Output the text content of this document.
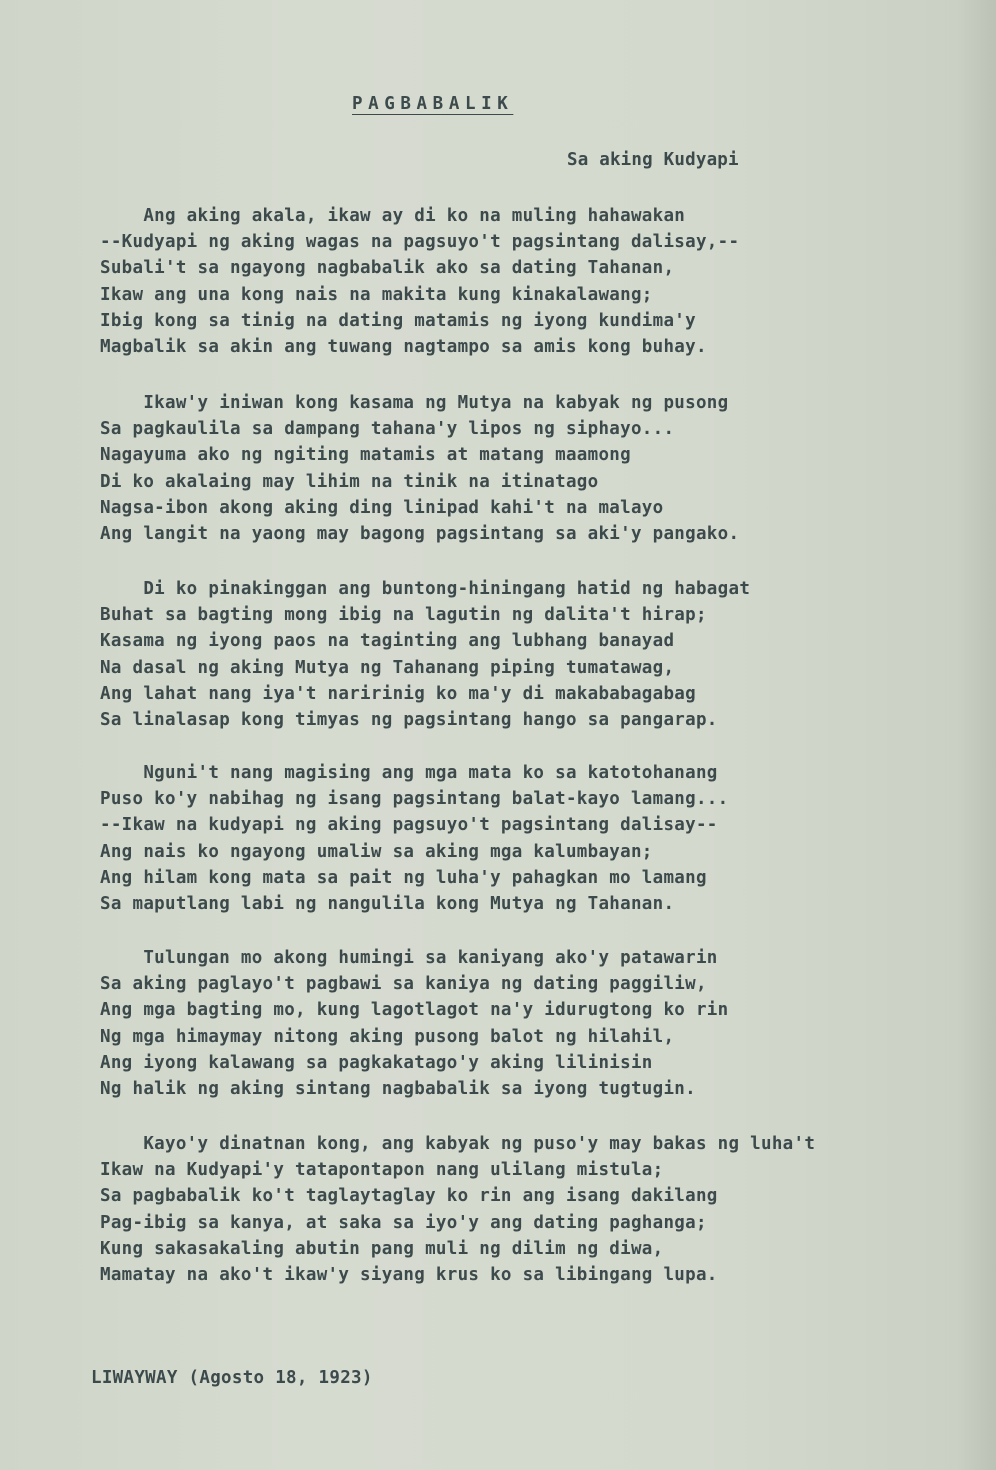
PAGBABALIK
Sa aking Kudyapi
Ang aking akala, ikaw ay di ko na muling hahawakan
--Kudyapi ng aking wagas na pagsuyo't pagsintang dalisay,--
Subali't sa ngayong nagbabalik ako sa dating Tahanan,
Ikaw ang una kong nais na makita kung kinakalawang;
Ibig kong sa tinig na dating matamis ng iyong kundima'y
Magbalik sa akin ang tuwang nagtampo sa amis kong buhay.
Ikaw'y iniwan kong kasama ng Mutya na kabyak ng pusong
Sa pagkaulila sa dampang tahana'y lipos ng siphayo...
Nagayuma ako ng ngiting matamis at matang maamong
Di ko akalaing may lihim na tinik na itinatago
Nagsa-ibon akong aking ding linipad kahi't na malayo
Ang langit na yaong may bagong pagsintang sa aki'y pangako.
Di ko pinakinggan ang buntong-hiningang hatid ng habagat
Buhat sa bagting mong ibig na lagutin ng dalita't hirap;
Kasama ng iyong paos na taginting ang lubhang banayad
Na dasal ng aking Mutya ng Tahanang piping tumatawag,
Ang lahat nang iya't naririnig ko ma'y di makababagabag
Sa linalasap kong timyas ng pagsintang hango sa pangarap.
Nguni't nang magising ang mga mata ko sa katotohanang
Puso ko'y nabihag ng isang pagsintang balat-kayo lamang...
--Ikaw na kudyapi ng aking pagsuyo't pagsintang dalisay--
Ang nais ko ngayong umaliw sa aking mga kalumbayan;
Ang hilam kong mata sa pait ng luha'y pahagkan mo lamang
Sa maputlang labi ng nangulila kong Mutya ng Tahanan.
Tulungan mo akong humingi sa kaniyang ako'y patawarin
Sa aking paglayo't pagbawi sa kaniya ng dating paggiliw,
Ang mga bagting mo, kung lagotlagot na'y idurugtong ko rin
Ng mga himaymay nitong aking pusong balot ng hilahil,
Ang iyong kalawang sa pagkakatago'y aking lilinisin
Ng halik ng aking sintang nagbabalik sa iyong tugtugin.
Kayo'y dinatnan kong, ang kabyak ng puso'y may bakas ng luha't
Ikaw na Kudyapi'y tatapontapon nang ulilang mistula;
Sa pagbabalik ko't taglaytaglay ko rin ang isang dakilang
Pag-ibig sa kanya, at saka sa iyo'y ang dating paghanga;
Kung sakasakaling abutin pang muli ng dilim ng diwa,
Mamatay na ako't ikaw'y siyang krus ko sa libingang lupa.
LIWAYWAY (Agosto 18, 1923)
